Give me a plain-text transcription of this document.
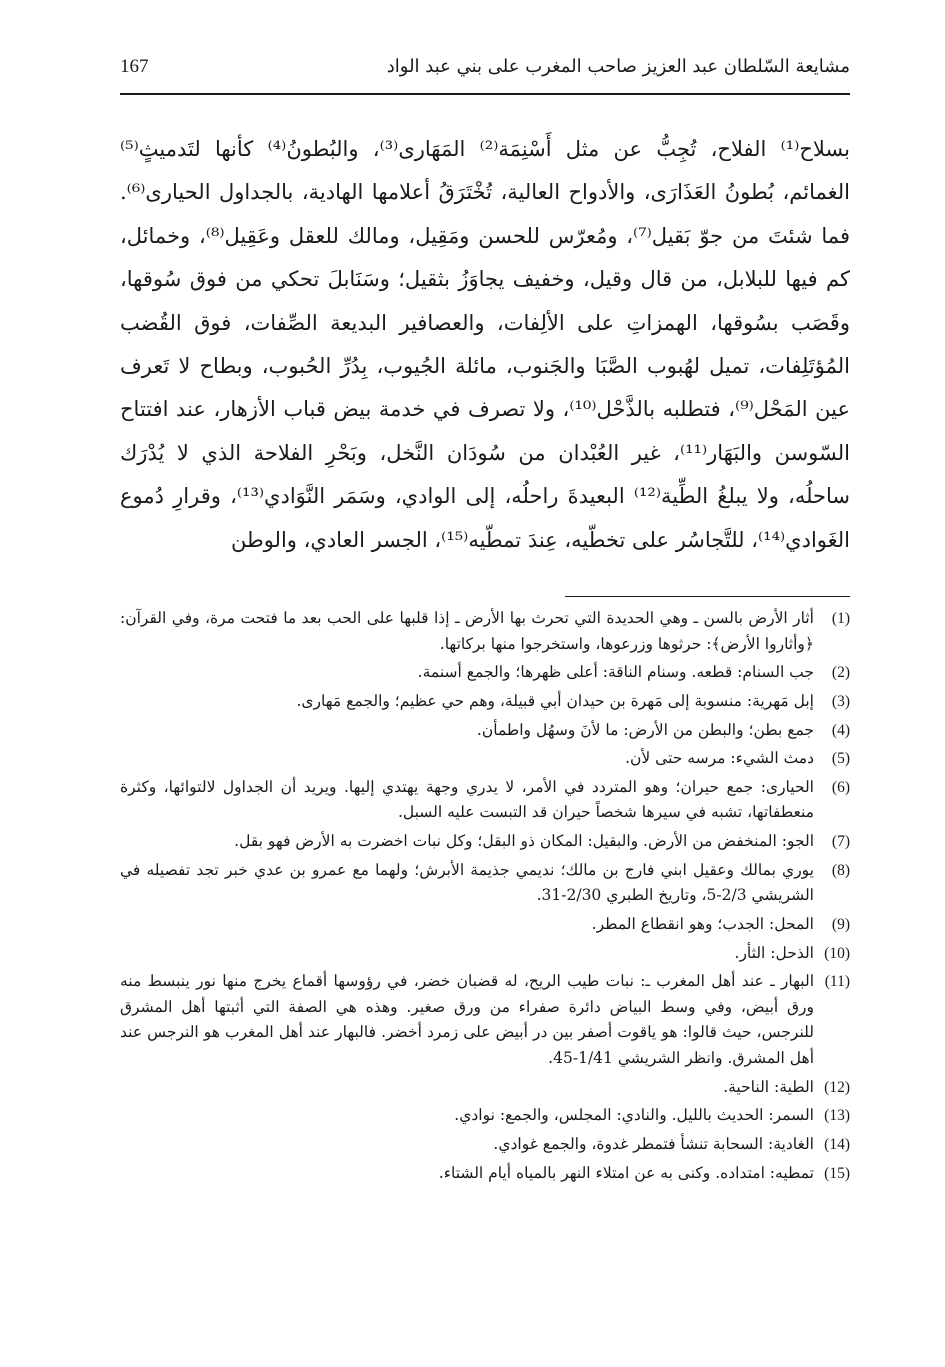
167	مشايعة السّلطان عبد العزيز صاحب المغرب على بني عبد الواد

بسلاح⁽¹⁾ الفلاح، تُجِبُّ عن مثل أَسْنِمَة⁽²⁾ المَهَارى⁽³⁾، والبُطونُ⁽⁴⁾ كأنها لتَدميثٍ⁽⁵⁾ الغمائم، بُطونُ العَذَارَى، والأدواح العالية، تُخْتَرَقُ أعلامها الهادية، بالجداول الحيارى⁽⁶⁾. فما شئتَ من جوّ بَقيل⁽⁷⁾، ومُعرّس للحسن ومَقِيل، ومالك للعقل وعَقِيل⁽⁸⁾، وخمائل، كم فيها للبلابل، من قال وقيل، وخفيف يجاوَزُ بثقيل؛ وسَنَابلَ تحكي من فوق سُوقها، وقَصَب بسُوقها، الهمزاتِ على الألِفات، والعصافير البديعة الصِّفات، فوق القُضب المُؤتَلِفات، تميل لهُبوب الصَّبَا والجَنوب، مائلة الجُيوب، بِدُرِّ الحُبوب، وبطاح لا تَعرف عين المَحْل⁽⁹⁾، فتطلبه بالذَّحْل⁽¹⁰⁾، ولا تصرف في خدمة بيض قباب الأزهار، عند افتتاح السّوسن والبَهَار⁽¹¹⁾، غير العُبْدان من سُودَان النَّخل، وبَحْرِ الفلاحة الذي لا يُدْرَك ساحلُه، ولا يبلغُ الطِّية⁽¹²⁾ البعيدةَ راحلُه، إلى الوادي، وسَمَر النَّوَادي⁽¹³⁾، وقرارِ دُموع الغَوادي⁽¹⁴⁾، للتَّجاسُر على تخطّيه، عِندَ تمطّيه⁽¹⁵⁾، الجسر العادي، والوطن

(1)
أثار الأرض بالسن ـ وهي الحديدة التي تحرث بها الأرض ـ إذا قلبها على الحب بعد ما فتحت مرة، وفي القرآن: ﴿وأثاروا الأرض﴾: حرثوها وزرعوها، واستخرجوا منها بركاتها.
(2)
جب السنام: قطعه. وسنام الناقة: أعلى ظهرها؛ والجمع أسنمة.
(3)
إبل مَهرية: منسوبة إلى مَهرة بن حيدان أبي قبيلة، وهم حي عظيم؛ والجمع مَهارى.
(4)
جمع بطن؛ والبطن من الأرض: ما لأنَ وسهُل واطمأن.
(5)
دمث الشيء: مرسه حتى لأن.
(6)
الحيارى: جمع حيران؛ وهو المتردد في الأمر، لا يدري وجهة يهتدي إليها. ويريد أن الجداول لالتوائها، وكثرة منعطفاتها، تشبه في سيرها شخصاً حيران قد التبست عليه السبل.
(7)
الجو: المنخفض من الأرض. والبقيل: المكان ذو البقل؛ وكل نبات اخضرت به الأرض فهو بقل.
(8)
يوري بمالك وعقيل ابني فارج بن مالك؛ نديمي جذيمة الأبرش؛ ولهما مع عمرو بن عدي خبر تجد تفصيله في الشريشي 2/3-5، وتاريخ الطبري 2/30-31.
(9)
المحل: الجدب؛ وهو انقطاع المطر.
(10)
الذحل: الثأر.
(11)
البهار ـ عند أهل المغرب ـ: نبات طيب الريح، له قضبان خضر، في رؤوسها أقماع يخرج منها نور ينبسط منه ورق أبيض، وفي وسط البياض دائرة صفراء من ورق صغير. وهذه هي الصفة التي أثبتها أهل المشرق للنرجس، حيث قالوا: هو ياقوت أصفر بين در أبيض على زمرد أخضر. فالبهار عند أهل المغرب هو النرجس عند أهل المشرق. وانظر الشريشي 1/41-45.
(12)
الطية: الناحية.
(13)
السمر: الحديث بالليل. والنادي: المجلس، والجمع: نوادي.
(14)
الغادية: السحابة تنشأ فتمطر غدوة، والجمع غوادي.
(15)
تمطيه: امتداده. وكنى به عن امتلاء النهر بالمياه أيام الشتاء.
